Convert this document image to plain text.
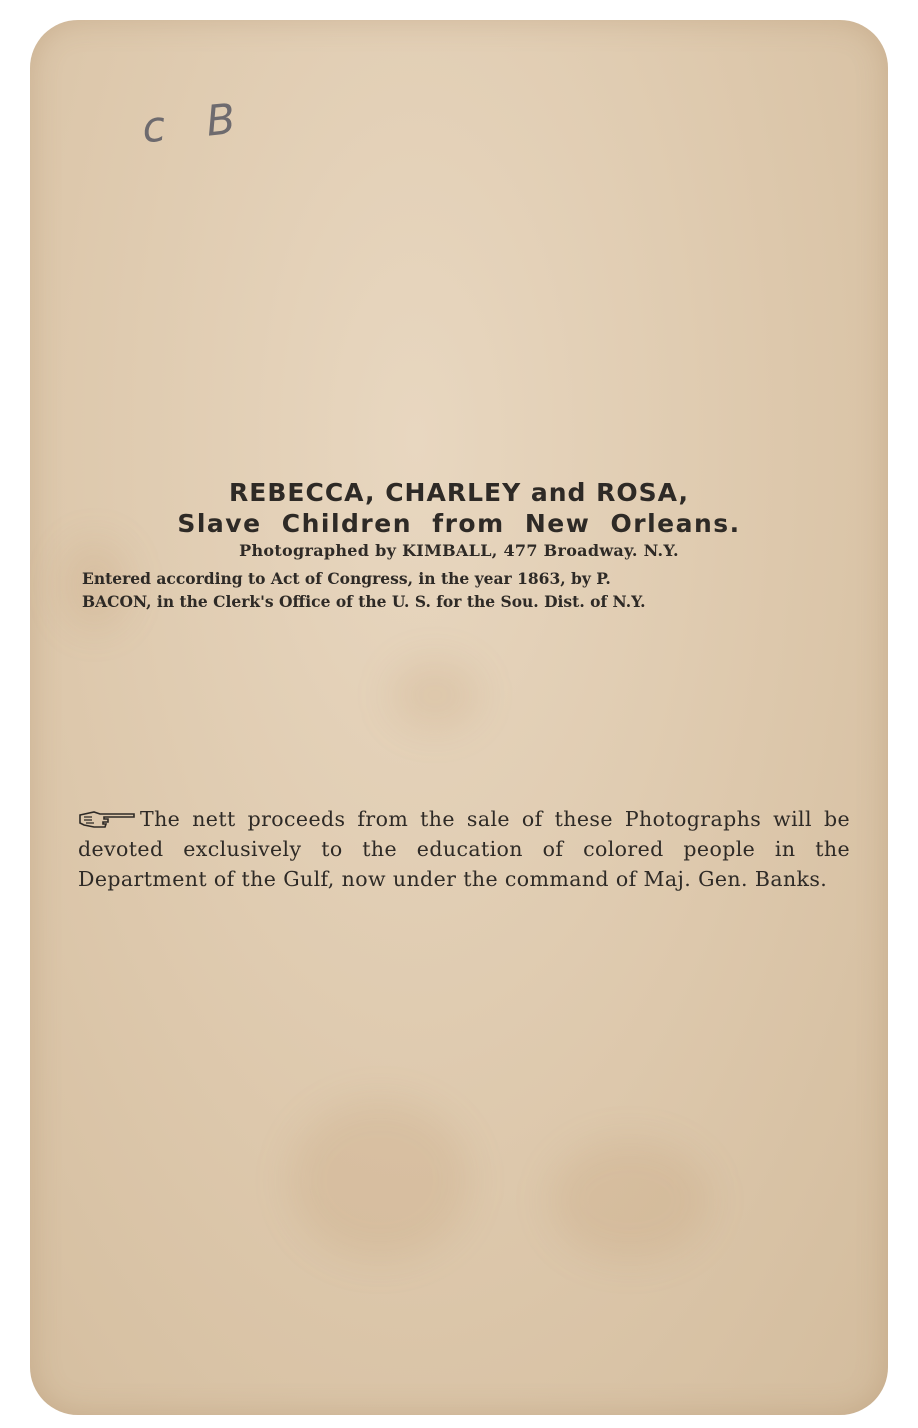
c B
REBECCA, CHARLEY and ROSA,
Slave Children from New Orleans.
Photographed by KIMBALL, 477 Broadway. N.Y.
Entered according to Act of Congress, in the year 1863, by P.
BACON, in the Clerk's Office of the U. S. for the Sou. Dist. of N.Y.
The nett proceeds from the sale of these Photographs will be devoted exclusively to the education of colored people in the Department of the Gulf, now under the command of Maj. Gen. Banks.
